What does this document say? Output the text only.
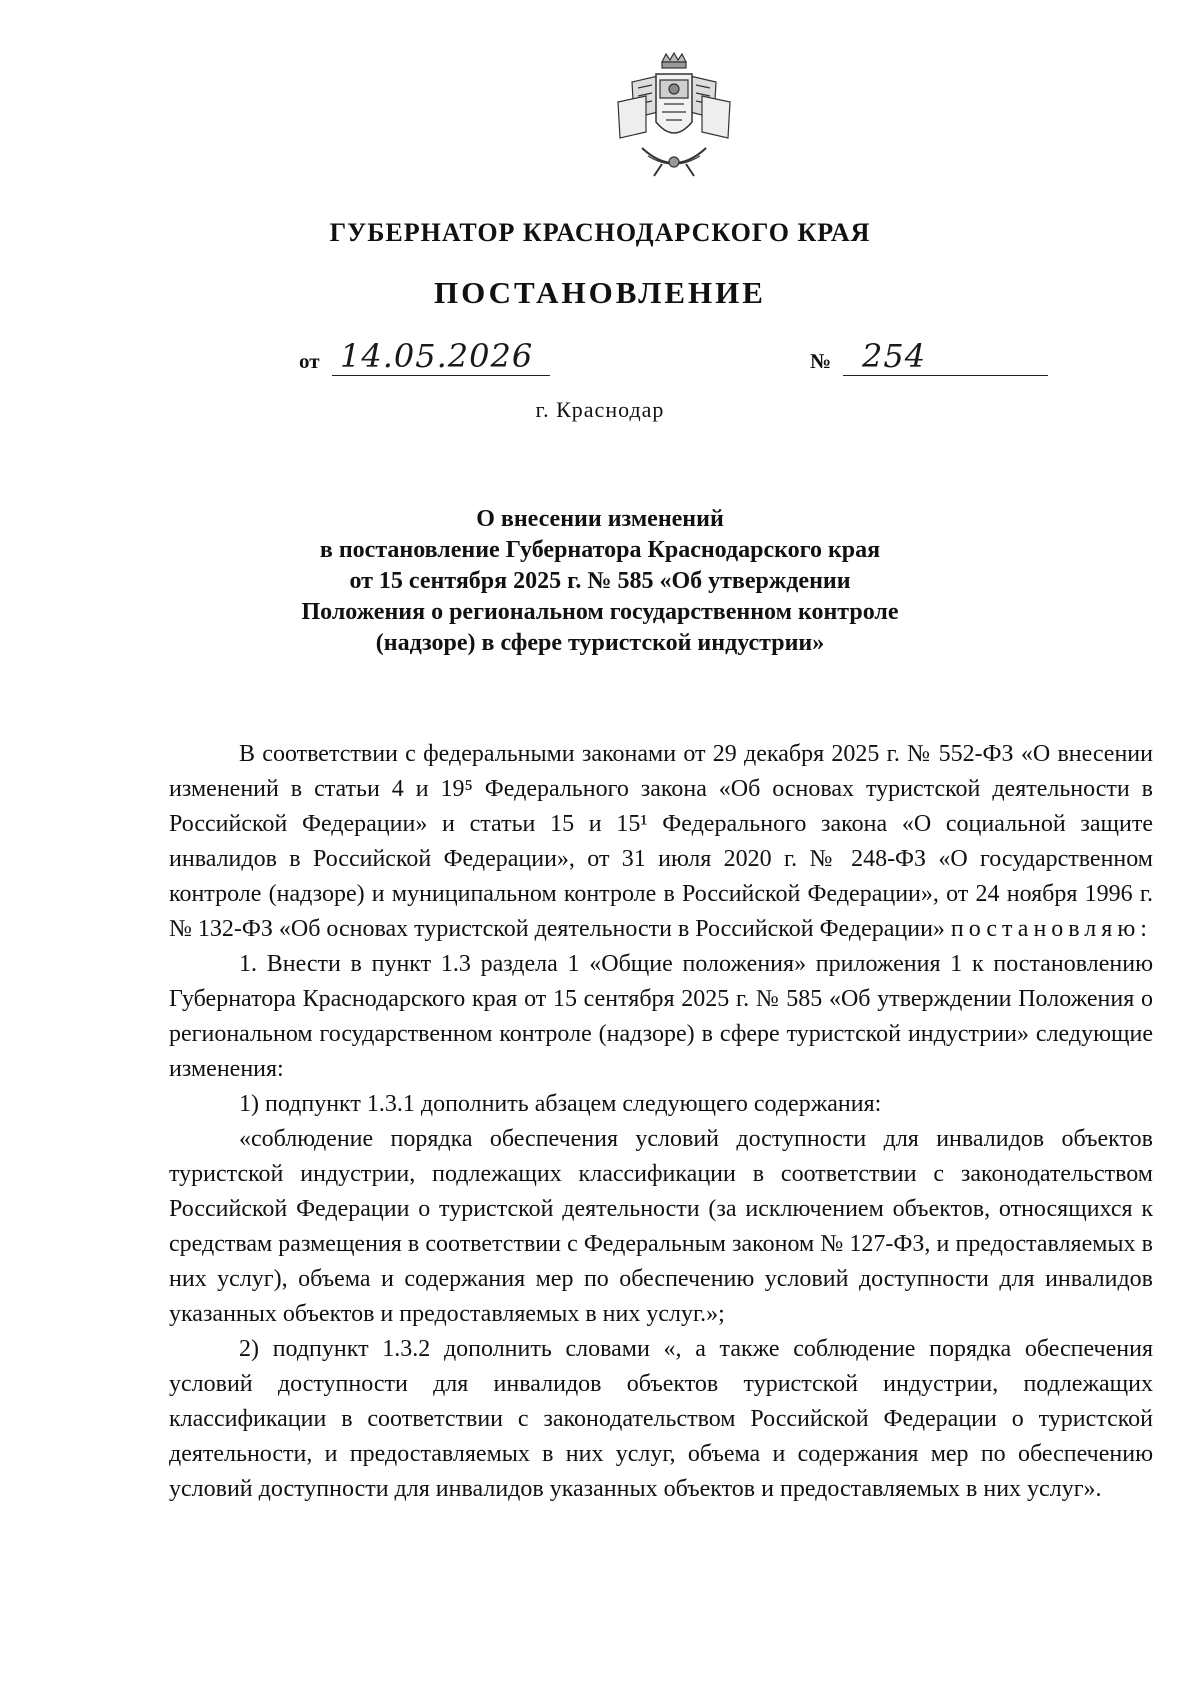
ГУБЕРНАТОР КРАСНОДАРСКОГО КРАЯ
ПОСТАНОВЛЕНИЕ
от 14.05.2026	№ 254
г. Краснодар
О внесении изменений
в постановление Губернатора Краснодарского края
от 15 сентября 2025 г. № 585 «Об утверждении
Положения о региональном государственном контроле
(надзоре) в сфере туристской индустрии»

В соответствии с федеральными законами от 29 декабря 2025 г. № 552-ФЗ «О внесении изменений в статьи 4 и 19⁵ Федерального закона «Об основах туристской деятельности в Российской Федерации» и статьи 15 и 15¹ Федерального закона «О социальной защите инвалидов в Российской Федерации», от 31 июля 2020 г. № 248-ФЗ «О государственном контроле (надзоре) и муниципальном контроле в Российской Федерации», от 24 ноября 1996 г. № 132-ФЗ «Об основах туристской деятельности в Российской Федерации» постановляю:

1. Внести в пункт 1.3 раздела 1 «Общие положения» приложения 1 к постановлению Губернатора Краснодарского края от 15 сентября 2025 г. № 585 «Об утверждении Положения о региональном государственном контроле (надзоре) в сфере туристской индустрии» следующие изменения:

1) подпункт 1.3.1 дополнить абзацем следующего содержания:

«соблюдение порядка обеспечения условий доступности для инвалидов объектов туристской индустрии, подлежащих классификации в соответствии с законодательством Российской Федерации о туристской деятельности (за исключением объектов, относящихся к средствам размещения в соответствии с Федеральным законом № 127-ФЗ, и предоставляемых в них услуг), объема и содержания мер по обеспечению условий доступности для инвалидов указанных объектов и предоставляемых в них услуг.»;

2) подпункт 1.3.2 дополнить словами «, а также соблюдение порядка обеспечения условий доступности для инвалидов объектов туристской индустрии, подлежащих классификации в соответствии с законодательством Российской Федерации о туристской деятельности, и предоставляемых в них услуг, объема и содержания мер по обеспечению условий доступности для инвалидов указанных объектов и предоставляемых в них услуг».
